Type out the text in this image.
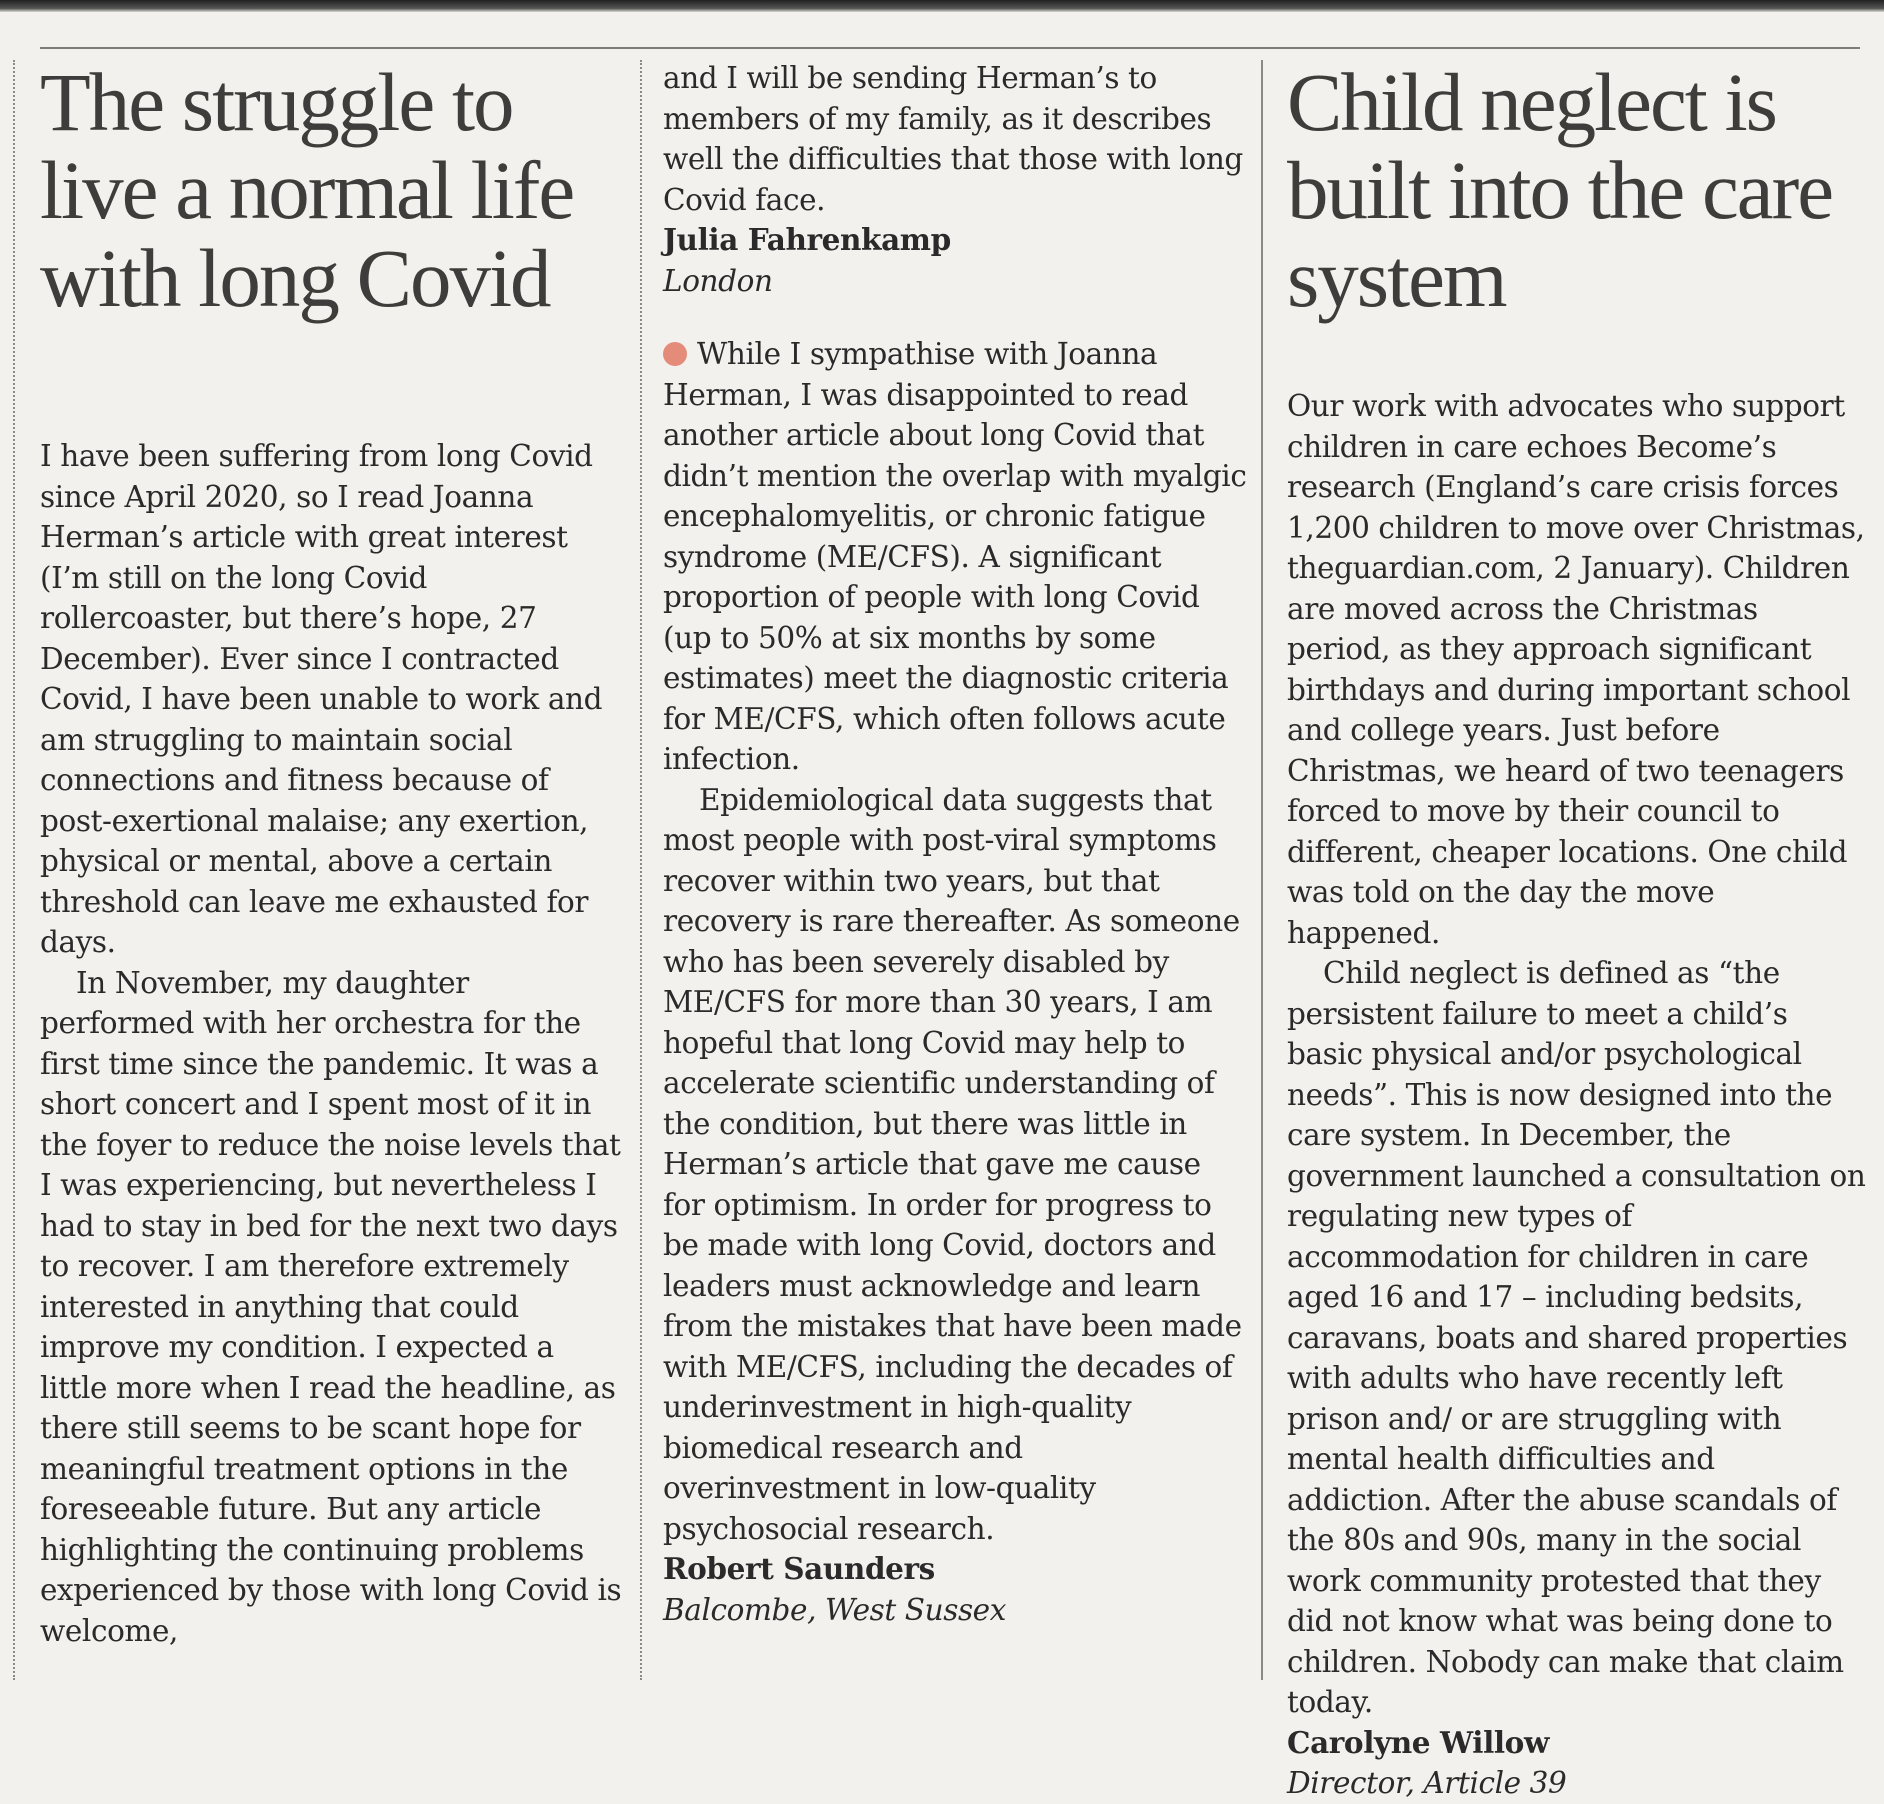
The struggle to live a normal life with long Covid

I have been suffering from long Covid since April 2020, so I read Joanna Herman’s article with great interest (I’m still on the long Covid rollercoaster, but there’s hope, 27 December). Ever since I contracted Covid, I have been unable to work and am struggling to maintain social connections and fitness because of post-exertional malaise; any exertion, physical or mental, above a certain threshold can leave me exhausted for days.

In November, my daughter performed with her orchestra for the first time since the pandemic. It was a short concert and I spent most of it in the foyer to reduce the noise levels that I was experiencing, but nevertheless I had to stay in bed for the next two days to recover. I am therefore extremely interested in anything that could improve my condition. I expected a little more when I read the headline, as there still seems to be scant hope for meaningful treatment options in the foreseeable future. But any article highlighting the continuing problems experienced by those with long Covid is welcome,

and I will be sending Herman’s to members of my family, as it describes well the difficulties that those with long Covid face.

Julia Fahrenkamp
London

While I sympathise with Joanna Herman, I was disappointed to read another article about long Covid that didn’t mention the overlap with myalgic encephalomyelitis, or chronic fatigue syndrome (ME/CFS). A significant proportion of people with long Covid (up to 50% at six months by some estimates) meet the diagnostic criteria for ME/CFS, which often follows acute infection.

Epidemiological data suggests that most people with post-viral symptoms recover within two years, but that recovery is rare thereafter. As someone who has been severely disabled by ME/CFS for more than 30 years, I am hopeful that long Covid may help to accelerate scientific understanding of the condition, but there was little in Herman’s article that gave me cause for optimism. In order for progress to be made with long Covid, doctors and leaders must acknowledge and learn from the mistakes that have been made with ME/CFS, including the decades of underinvestment in high-quality biomedical research and overinvestment in low-quality psychosocial research.

Robert Saunders
Balcombe, West Sussex
Child neglect is built into the care system

Our work with advocates who support children in care echoes Become’s research (England’s care crisis forces 1,200 children to move over Christmas, theguardian.com, 2 January). Children are moved across the Christmas period, as they approach significant birthdays and during important school and college years. Just before Christmas, we heard of two teenagers forced to move by their council to different, cheaper locations. One child was told on the day the move happened.

Child neglect is defined as “the persistent failure to meet a child’s basic physical and/or psychological needs”. This is now designed into the care system. In December, the government launched a consultation on regulating new types of accommodation for children in care aged 16 and 17 – including bedsits, caravans, boats and shared properties with adults who have recently left prison and/ or are struggling with mental health difficulties and addiction. After the abuse scandals of the 80s and 90s, many in the social work community protested that they did not know what was being done to children. Nobody can make that claim today.

Carolyne Willow
Director, Article 39
